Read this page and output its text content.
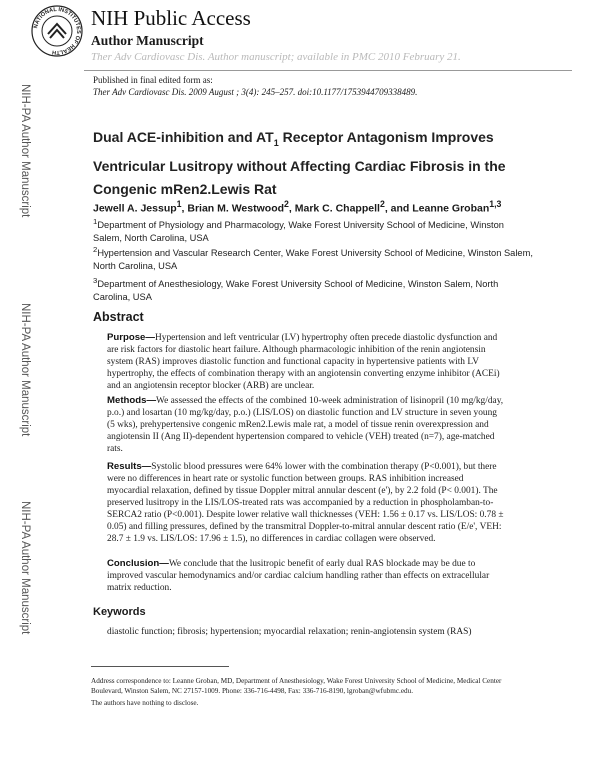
NATIONAL INSTITUTES OF HEALTH
NIH Public Access
Author Manuscript
Ther Adv Cardiovasc Dis. Author manuscript; available in PMC 2010 February 21.
Published in final edited form as:
Ther Adv Cardiovasc Dis. 2009 August ; 3(4): 245–257. doi:10.1177/1753944709338489.
NIH-PA Author Manuscript
NIH-PA Author Manuscript
NIH-PA Author Manuscript
Dual ACE-inhibition and $AT_1$ Receptor Antagonism Improves Ventricular Lusitropy without Affecting Cardiac Fibrosis in the Congenic mRen2.Lewis Rat
Jewell A. Jessup$^1$, Brian M. Westwood$^2$, Mark C. Chappell$^2$, and Leanne Groban$^{1,3}$
$^1$Department of Physiology and Pharmacology, Wake Forest University School of Medicine, Winston Salem, North Carolina, USA
$^2$Hypertension and Vascular Research Center, Wake Forest University School of Medicine, Winston Salem, North Carolina, USA
$^3$Department of Anesthesiology, Wake Forest University School of Medicine, Winston Salem, North Carolina, USA
Abstract
Purpose—Hypertension and left ventricular (LV) hypertrophy often precede diastolic dysfunction and are risk factors for diastolic heart failure. Although pharmacologic inhibition of the renin angiotensin system (RAS) improves diastolic function and functional capacity in hypertensive patients with LV hypertrophy, the effects of combination therapy with an angiotensin converting enzyme inhibitor (ACEi) and an angiotensin receptor blocker (ARB) are unclear.
Methods—We assessed the effects of the combined 10-week administration of lisinopril (10 mg/kg/day, p.o.) and losartan (10 mg/kg/day, p.o.) (LIS/LOS) on diastolic function and LV structure in seven young (5 wks), prehypertensive congenic mRen2.Lewis male rat, a model of tissue renin overexpression and angiotensin II (Ang II)-dependent hypertension compared to vehicle (VEH) treated (n=7), age-matched rats.
Results—Systolic blood pressures were 64% lower with the combination therapy (P<0.001), but there were no differences in heart rate or systolic function between groups. RAS inhibition increased myocardial relaxation, defined by tissue Doppler mitral annular descent (e'), by 2.2 fold (P< 0.001). The preserved lusitropy in the LIS/LOS-treated rats was accompanied by a reduction in phospholamban-to-SERCA2 ratio (P<0.001). Despite lower relative wall thicknesses (VEH: 1.56 ± 0.17 vs. LIS/LOS: 0.78 ± 0.05) and filling pressures, defined by the transmitral Doppler-to-mitral annular descent ratio (E/e', VEH: 28.7 ± 1.9 vs. LIS/LOS: 17.96 ± 1.5), no differences in cardiac collagen were observed.
Conclusion—We conclude that the lusitropic benefit of early dual RAS blockade may be due to improved vascular hemodynamics and/or cardiac calcium handling rather than effects on extracellular matrix reduction.
Keywords
diastolic function; fibrosis; hypertension; myocardial relaxation; renin-angiotensin system (RAS)
Address correspondence to: Leanne Groban, MD, Department of Anesthesiology, Wake Forest University School of Medicine, Medical Center Boulevard, Winston Salem, NC 27157-1009. Phone: 336-716-4498, Fax: 336-716-8190, lgroban@wfubmc.edu.
The authors have nothing to disclose.
